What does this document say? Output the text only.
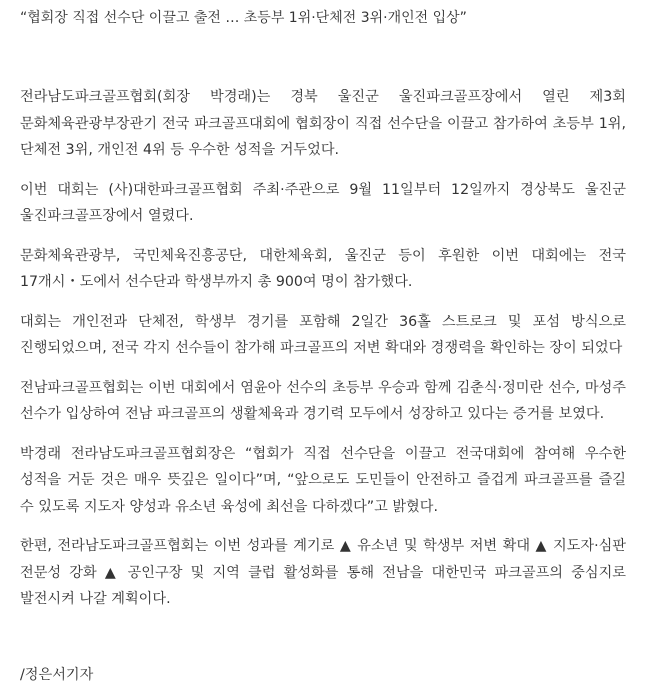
“협회장 직접 선수단 이끌고 출전 … 초등부 1위·단체전 3위·개인전 입상”

전라남도파크골프협회(회장 박경래)는 경북 울진군 울진파크골프장에서 열린 제3회 문화체육관광부장관기 전국 파크골프대회에 협회장이 직접 선수단을 이끌고 참가하여 초등부 1위, 단체전 3위, 개인전 4위 등 우수한 성적을 거두었다.

이번 대회는 (사)대한파크골프협회 주최·주관으로 9월 11일부터 12일까지 경상북도 울진군 울진파크골프장에서 열렸다.

문화체육관광부, 국민체육진흥공단, 대한체육회, 울진군 등이 후원한 이번 대회에는 전국 17개시・도에서 선수단과 학생부까지 총 900여 명이 참가했다.

대회는 개인전과 단체전, 학생부 경기를 포함해 2일간 36홀 스트로크 및 포섬 방식으로 진행되었으며, 전국 각지 선수들이 참가해 파크골프의 저변 확대와 경쟁력을 확인하는 장이 되었다

전남파크골프협회는 이번 대회에서 염윤아 선수의 초등부 우승과 함께 김춘식·정미란 선수, 마성주 선수가 입상하여 전남 파크골프의 생활체육과 경기력 모두에서 성장하고 있다는 증거를 보였다.

박경래 전라남도파크골프협회장은 “협회가 직접 선수단을 이끌고 전국대회에 참여해 우수한 성적을 거둔 것은 매우 뜻깊은 일이다”며, “앞으로도 도민들이 안전하고 즐겁게 파크골프를 즐길 수 있도록 지도자 양성과 유소년 육성에 최선을 다하겠다”고 밝혔다.

한편, 전라남도파크골프협회는 이번 성과를 계기로 ▲ 유소년 및 학생부 저변 확대 ▲ 지도자·심판 전문성 강화 ▲ 공인구장 및 지역 클럽 활성화를 통해 전남을 대한민국 파크골프의 중심지로 발전시켜 나갈 계획이다.

/정은서기자
